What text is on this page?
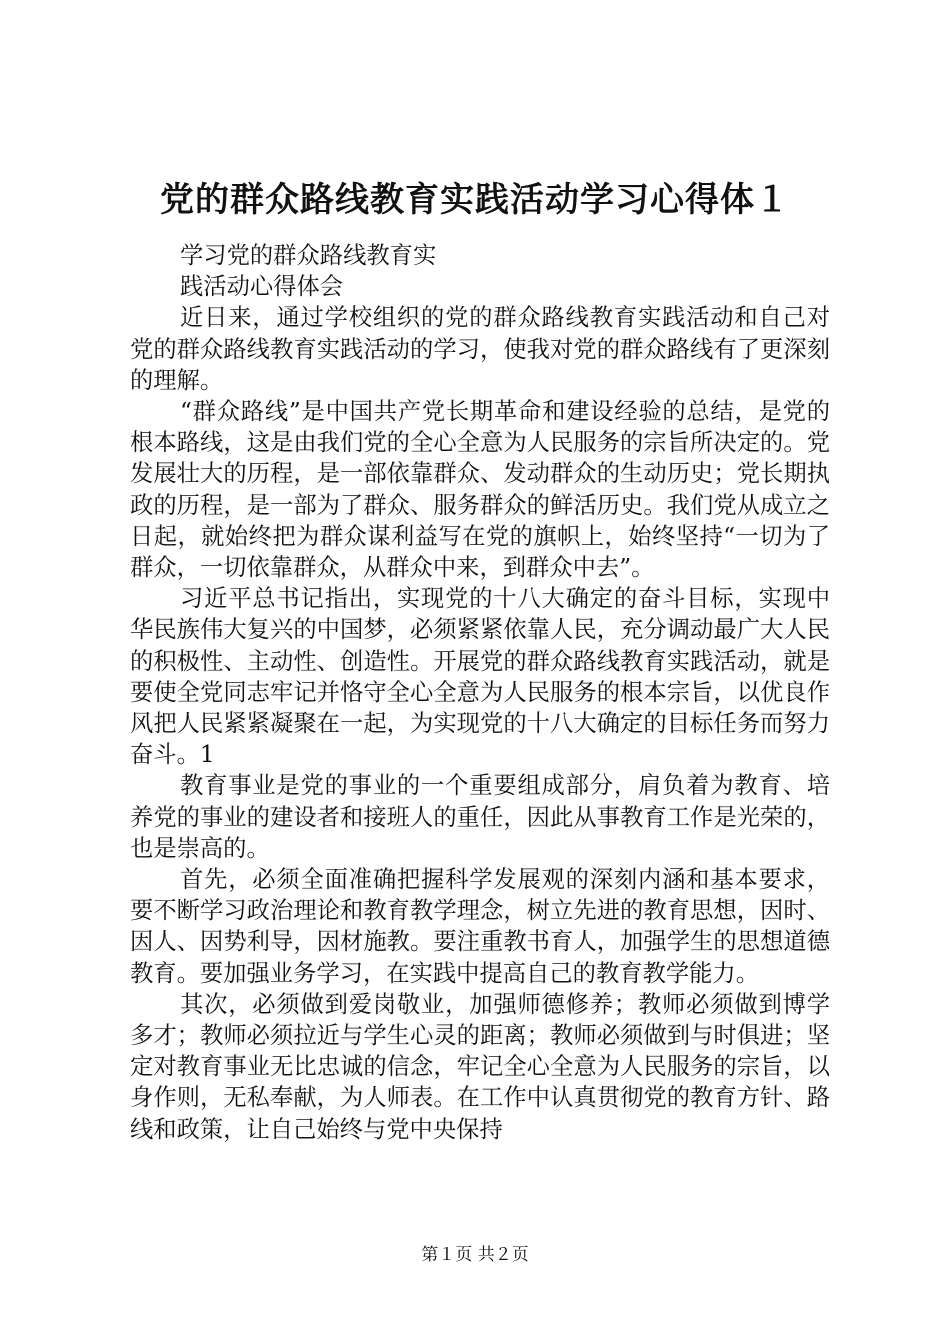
党的群众路线教育实践活动学习心得体１

学习党的群众路线教育实

践活动心得体会

近日来，通过学校组织的党的群众路线教育实践活动和自己对党的群众路线教育实践活动的学习，使我对党的群众路线有了更深刻的理解。

“群众路线”是中国共产党长期革命和建设经验的总结，是党的根本路线，这是由我们党的全心全意为人民服务的宗旨所决定的。党发展壮大的历程，是一部依靠群众、发动群众的生动历史；党长期执政的历程，是一部为了群众、服务群众的鲜活历史。我们党从成立之日起，就始终把为群众谋利益写在党的旗帜上，始终坚持“一切为了群众，一切依靠群众，从群众中来，到群众中去”。

习近平总书记指出，实现党的十八大确定的奋斗目标，实现中华民族伟大复兴的中国梦，必须紧紧依靠人民，充分调动最广大人民的积极性、主动性、创造性。开展党的群众路线教育实践活动，就是要使全党同志牢记并恪守全心全意为人民服务的根本宗旨，以优良作风把人民紧紧凝聚在一起，为实现党的十八大确定的目标任务而努力奋斗。1

教育事业是党的事业的一个重要组成部分，肩负着为教育、培养党的事业的建设者和接班人的重任，因此从事教育工作是光荣的，也是崇高的。

首先，必须全面准确把握科学发展观的深刻内涵和基本要求，要不断学习政治理论和教育教学理念，树立先进的教育思想，因时、因人、因势利导，因材施教。要注重教书育人，加强学生的思想道德教育。要加强业务学习，在实践中提高自己的教育教学能力。

其次，必须做到爱岗敬业，加强师德修养；教师必须做到博学多才；教师必须拉近与学生心灵的距离；教师必须做到与时俱进；坚定对教育事业无比忠诚的信念，牢记全心全意为人民服务的宗旨，以身作则，无私奉献，为人师表。在工作中认真贯彻党的教育方针、路线和政策，让自己始终与党中央保持

第１页 共２页
